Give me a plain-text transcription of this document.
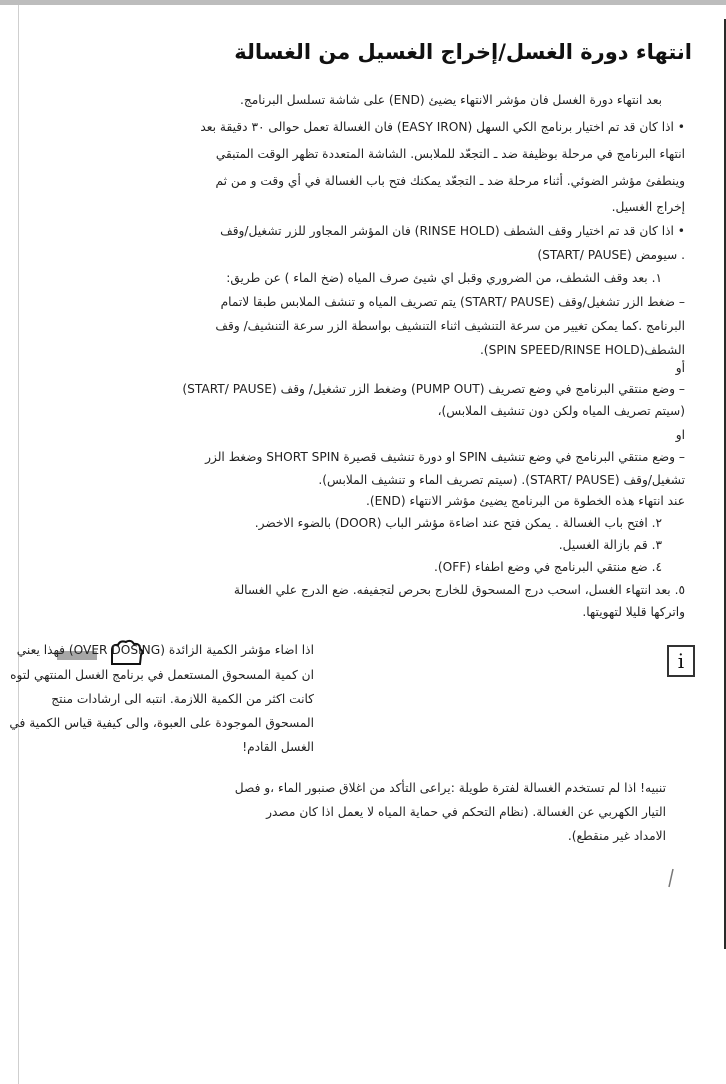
انتهاء دورة الغسل/إخراج الغسيل من الغسالة
بعد انتهاء دورة الغسل فان مؤشر الانتهاء يضيئ (END) على شاشة تسلسل البرنامج.
• اذا كان قد تم اختيار برنامج الكي السهل (EASY IRON) فان الغسالة تعمل حوالى ٣٠ دقيقة بعد
انتهاء البرنامج في مرحلة بوظيفة ضد ـ التجعّد للملابس. الشاشة المتعددة تظهر الوقت المتبقي
وينطفئ مؤشر الضوئي. أثناء مرحلة ضد ـ التجعّد يمكنك فتح باب الغسالة في أي وقت و من ثم
إخراج الغسيل.
• اذا كان قد تم اختيار وقف الشطف (RINSE HOLD) فان المؤشر المجاور للزر تشغيل/وقف
(START/ PAUSE) سيومض .
١. بعد وقف الشطف، من الضروري وقبل اي شيئ صرف المياه (ضخ الماء ) عن طريق:
– ضغط الزر تشغيل/وقف (START/ PAUSE) يتم تصريف المياه و تنشف الملابس طبقا لاتمام
البرنامج .كما يمكن تغيير من سرعة التنشيف اثناء التنشيف بواسطة الزر سرعة التنشيف/ وقف
الشطف(SPIN SPEED/RINSE HOLD).
أو
– وضع منتقي البرنامج في وضع تصريف (PUMP OUT) وضغط الزر تشغيل/ وقف (START/ PAUSE)
(سيتم تصريف المياه ولكن دون تنشيف الملابس)،
او
– وضع منتقي البرنامج في وضع تنشيف SPIN او دورة تنشيف قصيرة SHORT SPIN وضغط الزر
تشغيل/وقف (START/ PAUSE). (سيتم تصريف الماء و تنشيف الملابس).
عند انتهاء هذه الخطوة من البرنامج يضيئ مؤشر الانتهاء (END).
٢. افتح باب الغسالة . يمكن فتح عند اضاءة مؤشر الباب (DOOR) بالضوء الاخضر.
٣. قم بازالة الغسيل.
٤. ضع منتقي البرنامج في وضع اطفاء (OFF).
٥. بعد انتهاء الغسل، اسحب درج المسحوق للخارج بحرص لتجفيفه. ضع الدرج علي الغسالة
واتركها قليلا لتهويتها.
i
اذا اضاء مؤشر الكمية الزائدة (OVER DOSING) فهذا يعني
ان كمية المسحوق المستعمل في برنامج الغسل المنتهي لتوه
كانت اكثر من الكمية اللازمة. انتبه الى ارشادات منتج
المسحوق الموجودة على العبوة، والى كيفية قياس الكمية في
الغسل القادم!
تنبيه! اذا لم تستخدم الغسالة لفترة طويلة :يراعى التأكد من اغلاق صنبور الماء ،و فصل
التيار الكهربي عن الغسالة. (نظام التحكم في حماية المياه لا يعمل اذا كان مصدر
الامداد غير منقطع).
